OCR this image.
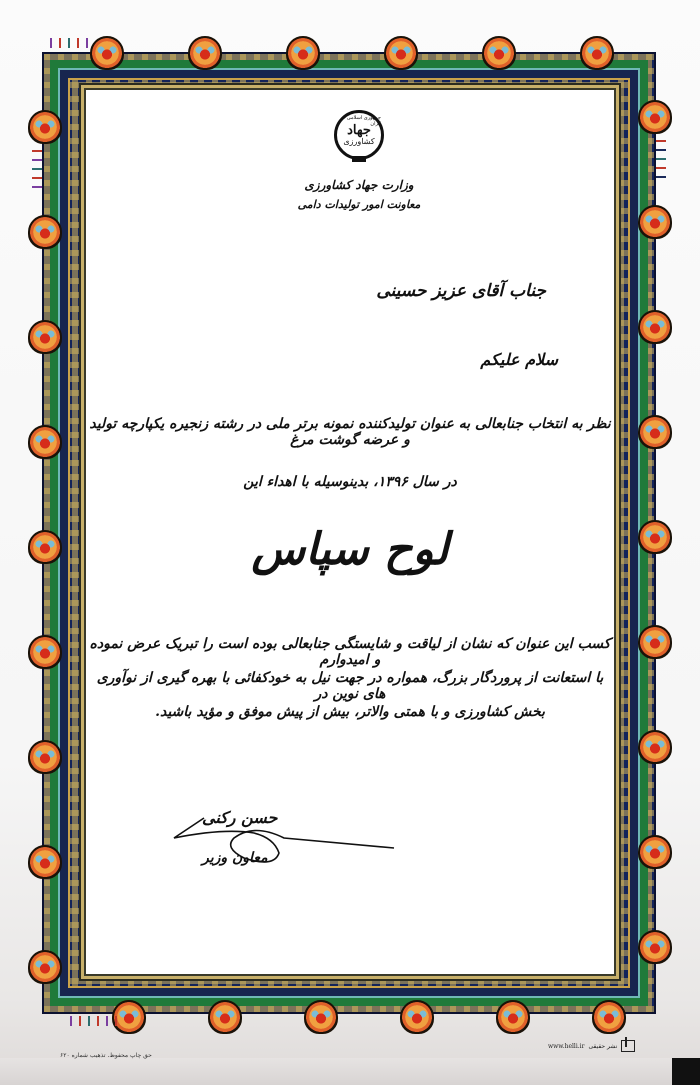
جمهوری اسلامی ایران
جهاد
کشاورزی
وزارت جهاد کشاورزی
معاونت امور تولیدات دامی
جناب آقای عزیز حسینی
سلام علیکم
نظر به انتخاب جنابعالی به عنوان تولیدکننده نمونه برتر ملی در رشته زنجیره یکپارچه تولید و عرضه گوشت مرغ
در سال ۱۳۹۶، بدینوسیله با اهداء این
لوح سپاس
کسب این عنوان که نشان از لیاقت و شایستگی جنابعالی بوده است را تبریک عرض نموده و امیدوارم
با استعانت از پروردگار بزرگ، همواره در جهت نیل به خودکفائی با بهره گیری از نوآوری های نوین در
بخش کشاورزی و با همتی والاتر، بیش از پیش موفق و مؤید باشید.
حسن رکنی
معاون وزیر
حق چاپ محفوظ. تذهیب شماره ۶۲۰
نشر حقیقی
www.helli.ir
